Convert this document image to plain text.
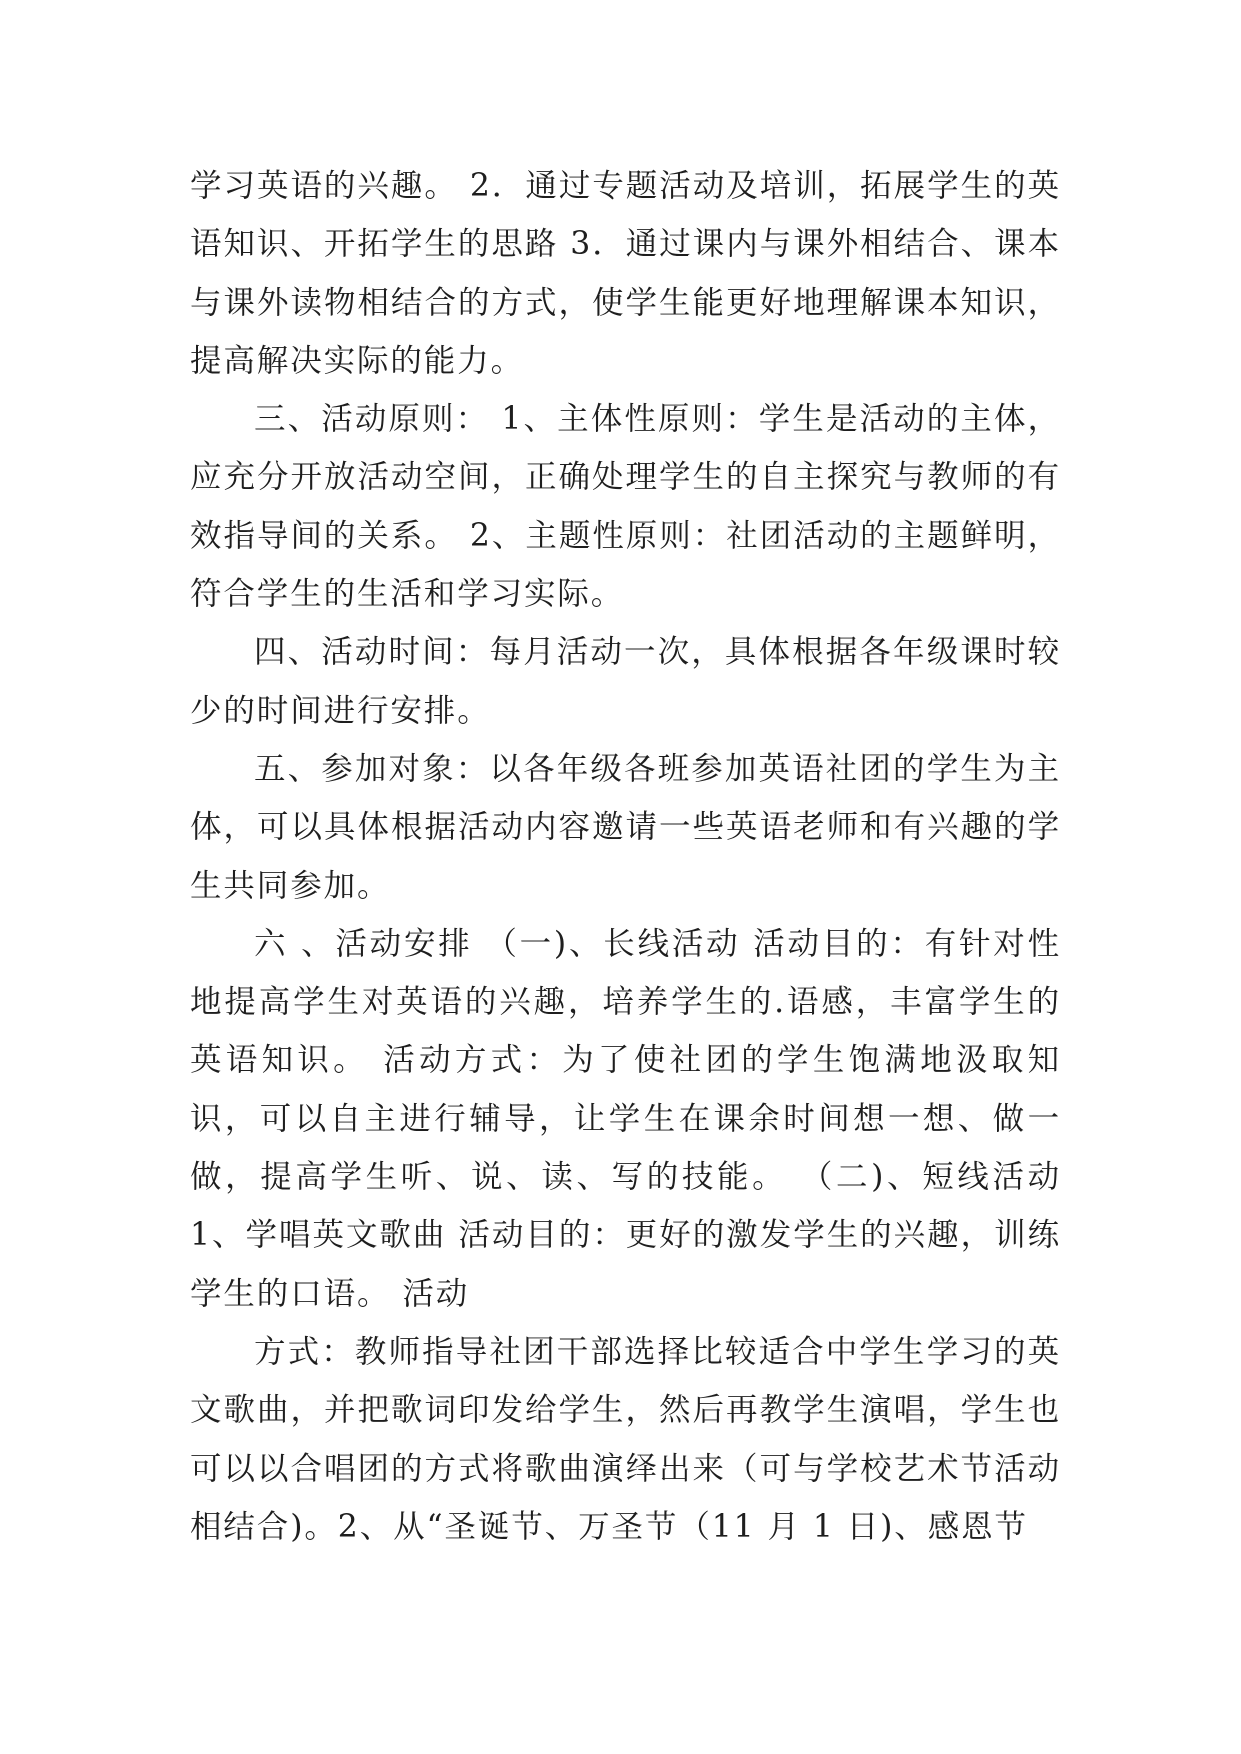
学习英语的兴趣。 2．通过专题活动及培训，拓展学生的英语知识、开拓学生的思路 3．通过课内与课外相结合、课本与课外读物相结合的方式，使学生能更好地理解课本知识，提高解决实际的能力。

三、活动原则： 1、主体性原则：学生是活动的主体，应充分开放活动空间，正确处理学生的自主探究与教师的有效指导间的关系。 2、主题性原则：社团活动的主题鲜明，符合学生的生活和学习实际。

四、活动时间：每月活动一次，具体根据各年级课时较少的时间进行安排。

五、参加对象：以各年级各班参加英语社团的学生为主体，可以具体根据活动内容邀请一些英语老师和有兴趣的学生共同参加。

六 、活动安排 （一)、长线活动 活动目的：有针对性地提高学生对英语的兴趣，培养学生的.语感，丰富学生的英语知识。 活动方式：为了使社团的学生饱满地汲取知识，可以自主进行辅导，让学生在课余时间想一想、做一做，提高学生听、说、读、写的技能。 （二)、短线活动 1、学唱英文歌曲 活动目的：更好的激发学生的兴趣，训练学生的口语。 活动

方式：教师指导社团干部选择比较适合中学生学习的英文歌曲，并把歌词印发给学生，然后再教学生演唱，学生也可以以合唱团的方式将歌曲演绎出来（可与学校艺术节活动相结合)。2、从“圣诞节、万圣节（11 月 1 日)、感恩节
